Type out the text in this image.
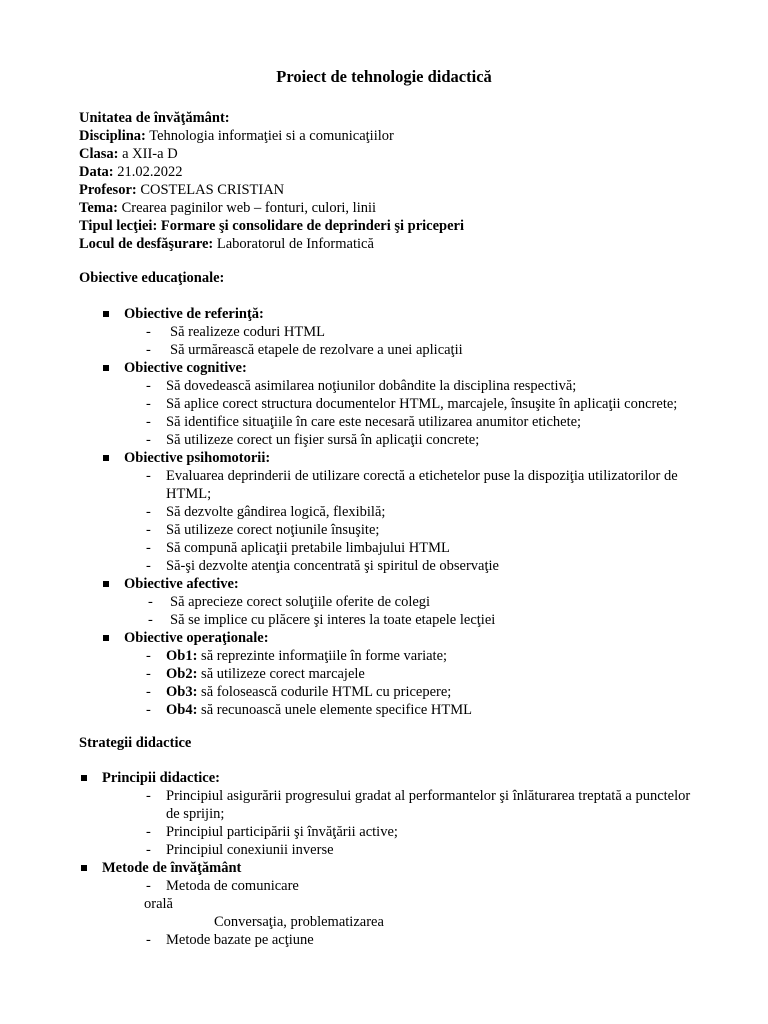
Proiect de tehnologie didactică
Unitatea de învăţământ:
Disciplina: Tehnologia informaţiei si a comunicaţiilor
Clasa: a XII-a D
Data: 21.02.2022
Profesor: COSTELAS CRISTIAN
Tema: Crearea paginilor web – fonturi, culori, linii
Tipul lecţiei: Formare şi consolidare de deprinderi şi priceperi
Locul de desfăşurare: Laboratorul de Informatică
Obiective educaţionale:
Obiective de referinţă:
- Să realizeze coduri HTML
- Să urmărească etapele de rezolvare a unei aplicaţii
Obiective cognitive:
- Să dovedească asimilarea noţiunilor dobândite la disciplina respectivă;
- Să aplice corect structura documentelor HTML, marcajele, însuşite în aplicaţii concrete;
- Să identifice situaţiile în care este necesară utilizarea anumitor etichete;
- Să utilizeze corect un fişier sursă în aplicaţii concrete;
Obiective psihomotorii:
- Evaluarea deprinderii de utilizare corectă a etichetelor puse la dispoziţia utilizatorilor de
HTML;
- Să dezvolte gândirea logică, flexibilă;
- Să utilizeze corect noţiunile însuşite;
- Să compună aplicaţii pretabile limbajului HTML
- Să-şi dezvolte atenţia concentrată şi spiritul de observaţie
Obiective afective:
- Să aprecieze corect soluţiile oferite de colegi
- Să se implice cu plăcere şi interes la toate etapele lecţiei
Obiective operaţionale:
- Ob1: să reprezinte informaţiile în forme variate;
- Ob2: să utilizeze corect marcajele
- Ob3: să folosească codurile HTML cu pricepere;
- Ob4: să recunoască unele elemente specifice HTML
Strategii didactice
Principii didactice:
- Principiul asigurării progresului gradat al performantelor şi înlăturarea treptată a punctelor
de sprijin;
- Principiul participării şi învăţării active;
- Principiul conexiunii inverse
Metode de învăţământ
- Metoda de comunicare
orală
Conversaţia, problematizarea
- Metode bazate pe acţiune
